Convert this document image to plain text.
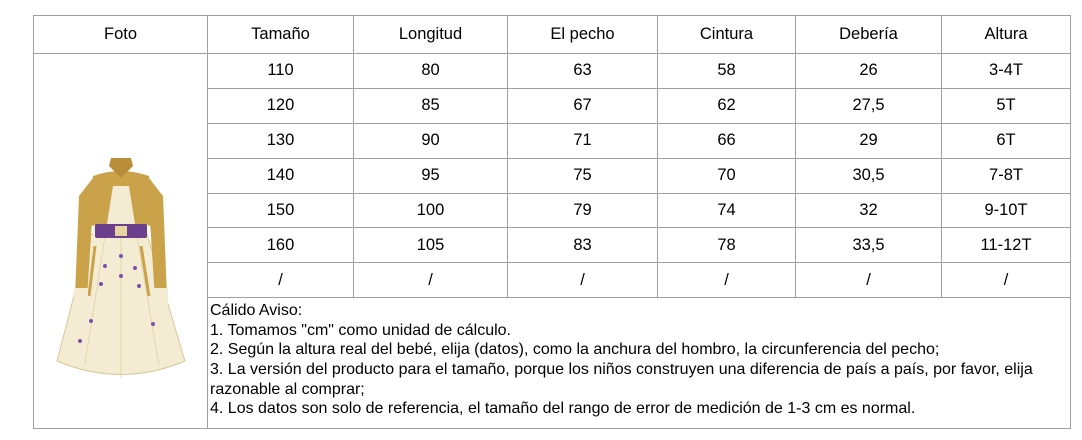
Foto	Tamaño	Longitud	El pecho	Cintura	Debería	Altura

	110	80	63	58	26	3-4T
	120	85	67	62	27,5	5T
	130	90	71	66	29	6T
	140	95	75	70	30,5	7-8T
	150	100	79	74	32	9-10T
	160	105	83	78	33,5	11-12T
	/	/	/	/	/	/

	Cálido Aviso:
1. Tomamos "cm" como unidad de cálculo.
2. Según la altura real del bebé, elija (datos), como la anchura del hombro, la circunferencia del pecho;
3. La versión del producto para el tamaño, porque los niños construyen una diferencia de país a país, por favor, elija razonable al comprar;
4. Los datos son solo de referencia, el tamaño del rango de error de medición de 1-3 cm es normal.					
